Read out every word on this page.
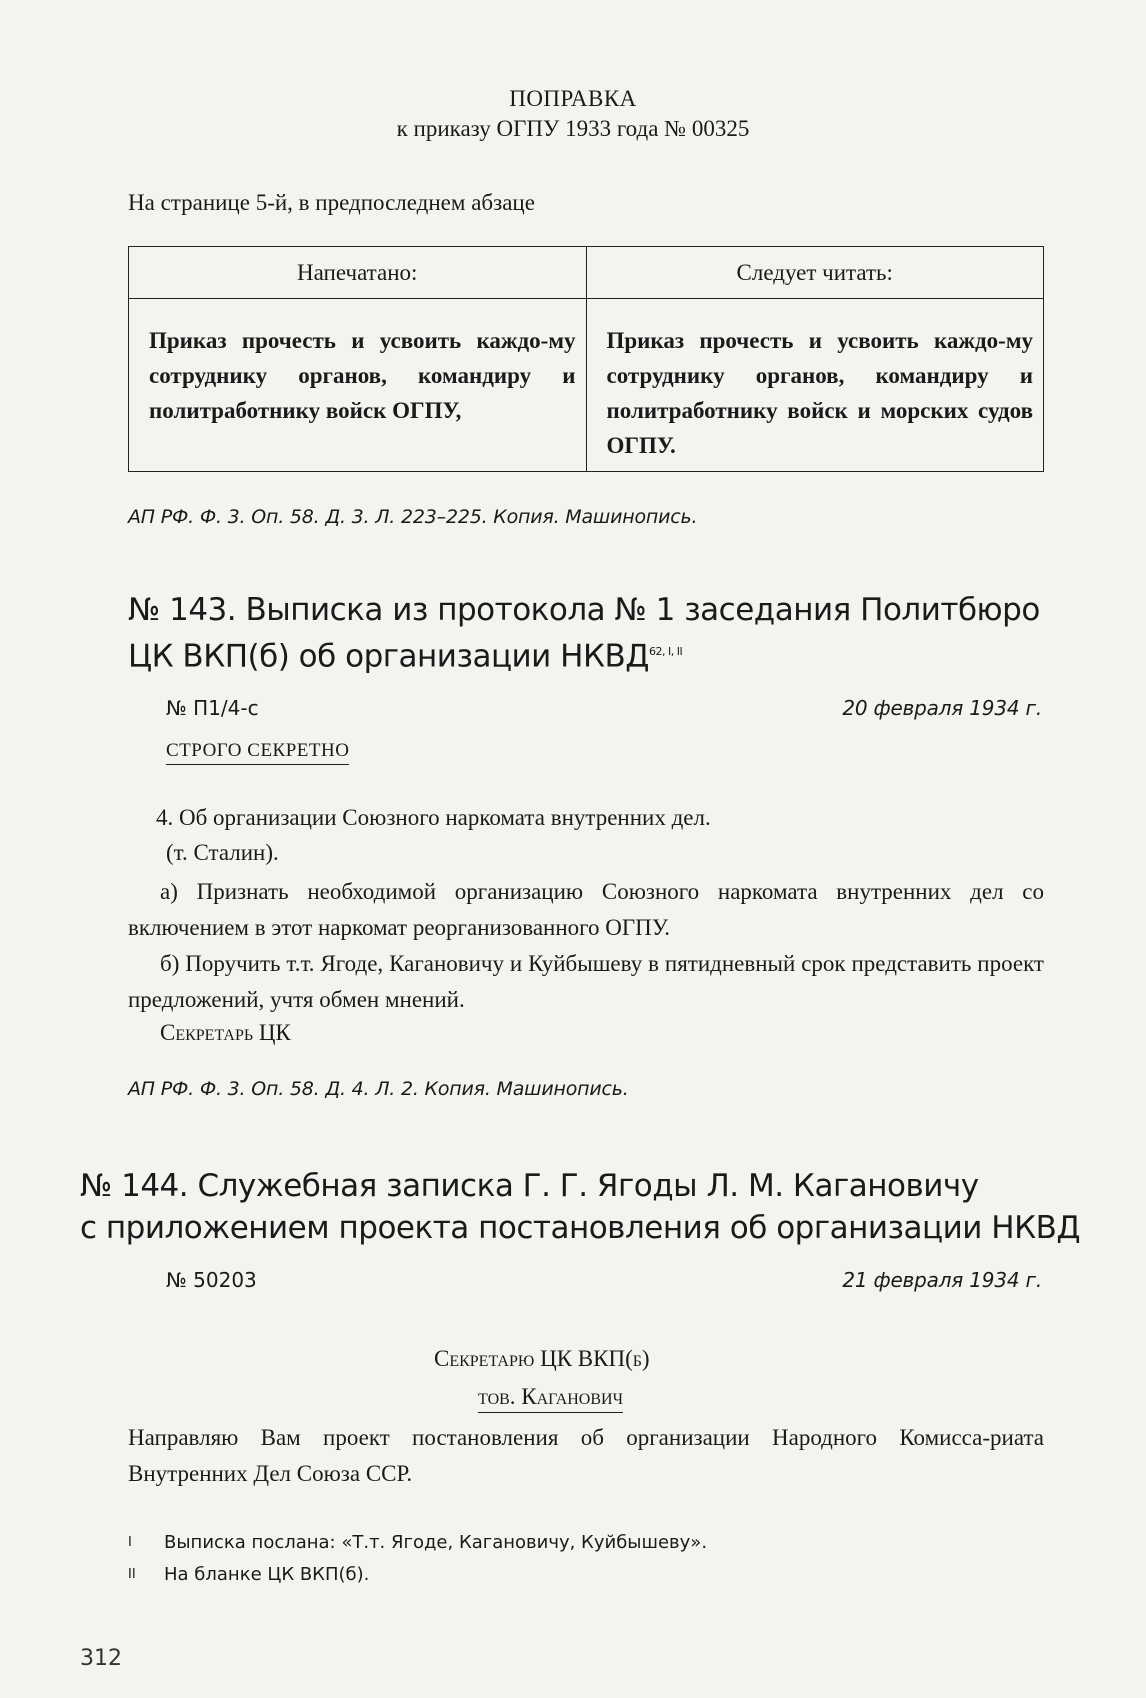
ПОПРАВКА
к приказу ОГПУ 1933 года № 00325
На странице 5-й, в предпоследнем абзаце
Напечатано:	Следует читать:

Приказ прочесть и усвоить каждо-му сотруднику органов, командиру и политработнику войск ОГПУ,	Приказ прочесть и усвоить каждо-му сотруднику органов, командиру и политработнику войск и морских судов ОГПУ.
АП РФ. Ф. 3. Оп. 58. Д. 3. Л. 223–225. Копия. Машинопись.
№ 143. Выписка из протокола № 1 заседания Политбюро
ЦК ВКП(б) об организации $НКВД^{62, I, II}$
№ П1/4-с	20 февраля 1934 г.
СТРОГО СЕКРЕТНО
4. Об организации Союзного наркомата внутренних дел.
(т. Сталин).
а) Признать необходимой организацию Союзного наркомата внутренних дел со включением в этот наркомат реорганизованного ОГПУ.
б) Поручить т.т. Ягоде, Кагановичу и Куйбышеву в пятидневный срок представить проект предложений, учтя обмен мнений.
Секретарь ЦК
АП РФ. Ф. 3. Оп. 58. Д. 4. Л. 2. Копия. Машинопись.
№ 144. Служебная записка Г. Г. Ягоды Л. М. Кагановичу
с приложением проекта постановления об организации НКВД
№ 50203	21 февраля 1934 г.
Секретарю ЦК ВКП(б)
тов. Каганович
Направляю Вам проект постановления об организации Народного Комисса-риата Внутренних Дел Союза ССР.
I Выписка послана: «Т.т. Ягоде, Кагановичу, Куйбышеву».
II На бланке ЦК ВКП(б).
312
